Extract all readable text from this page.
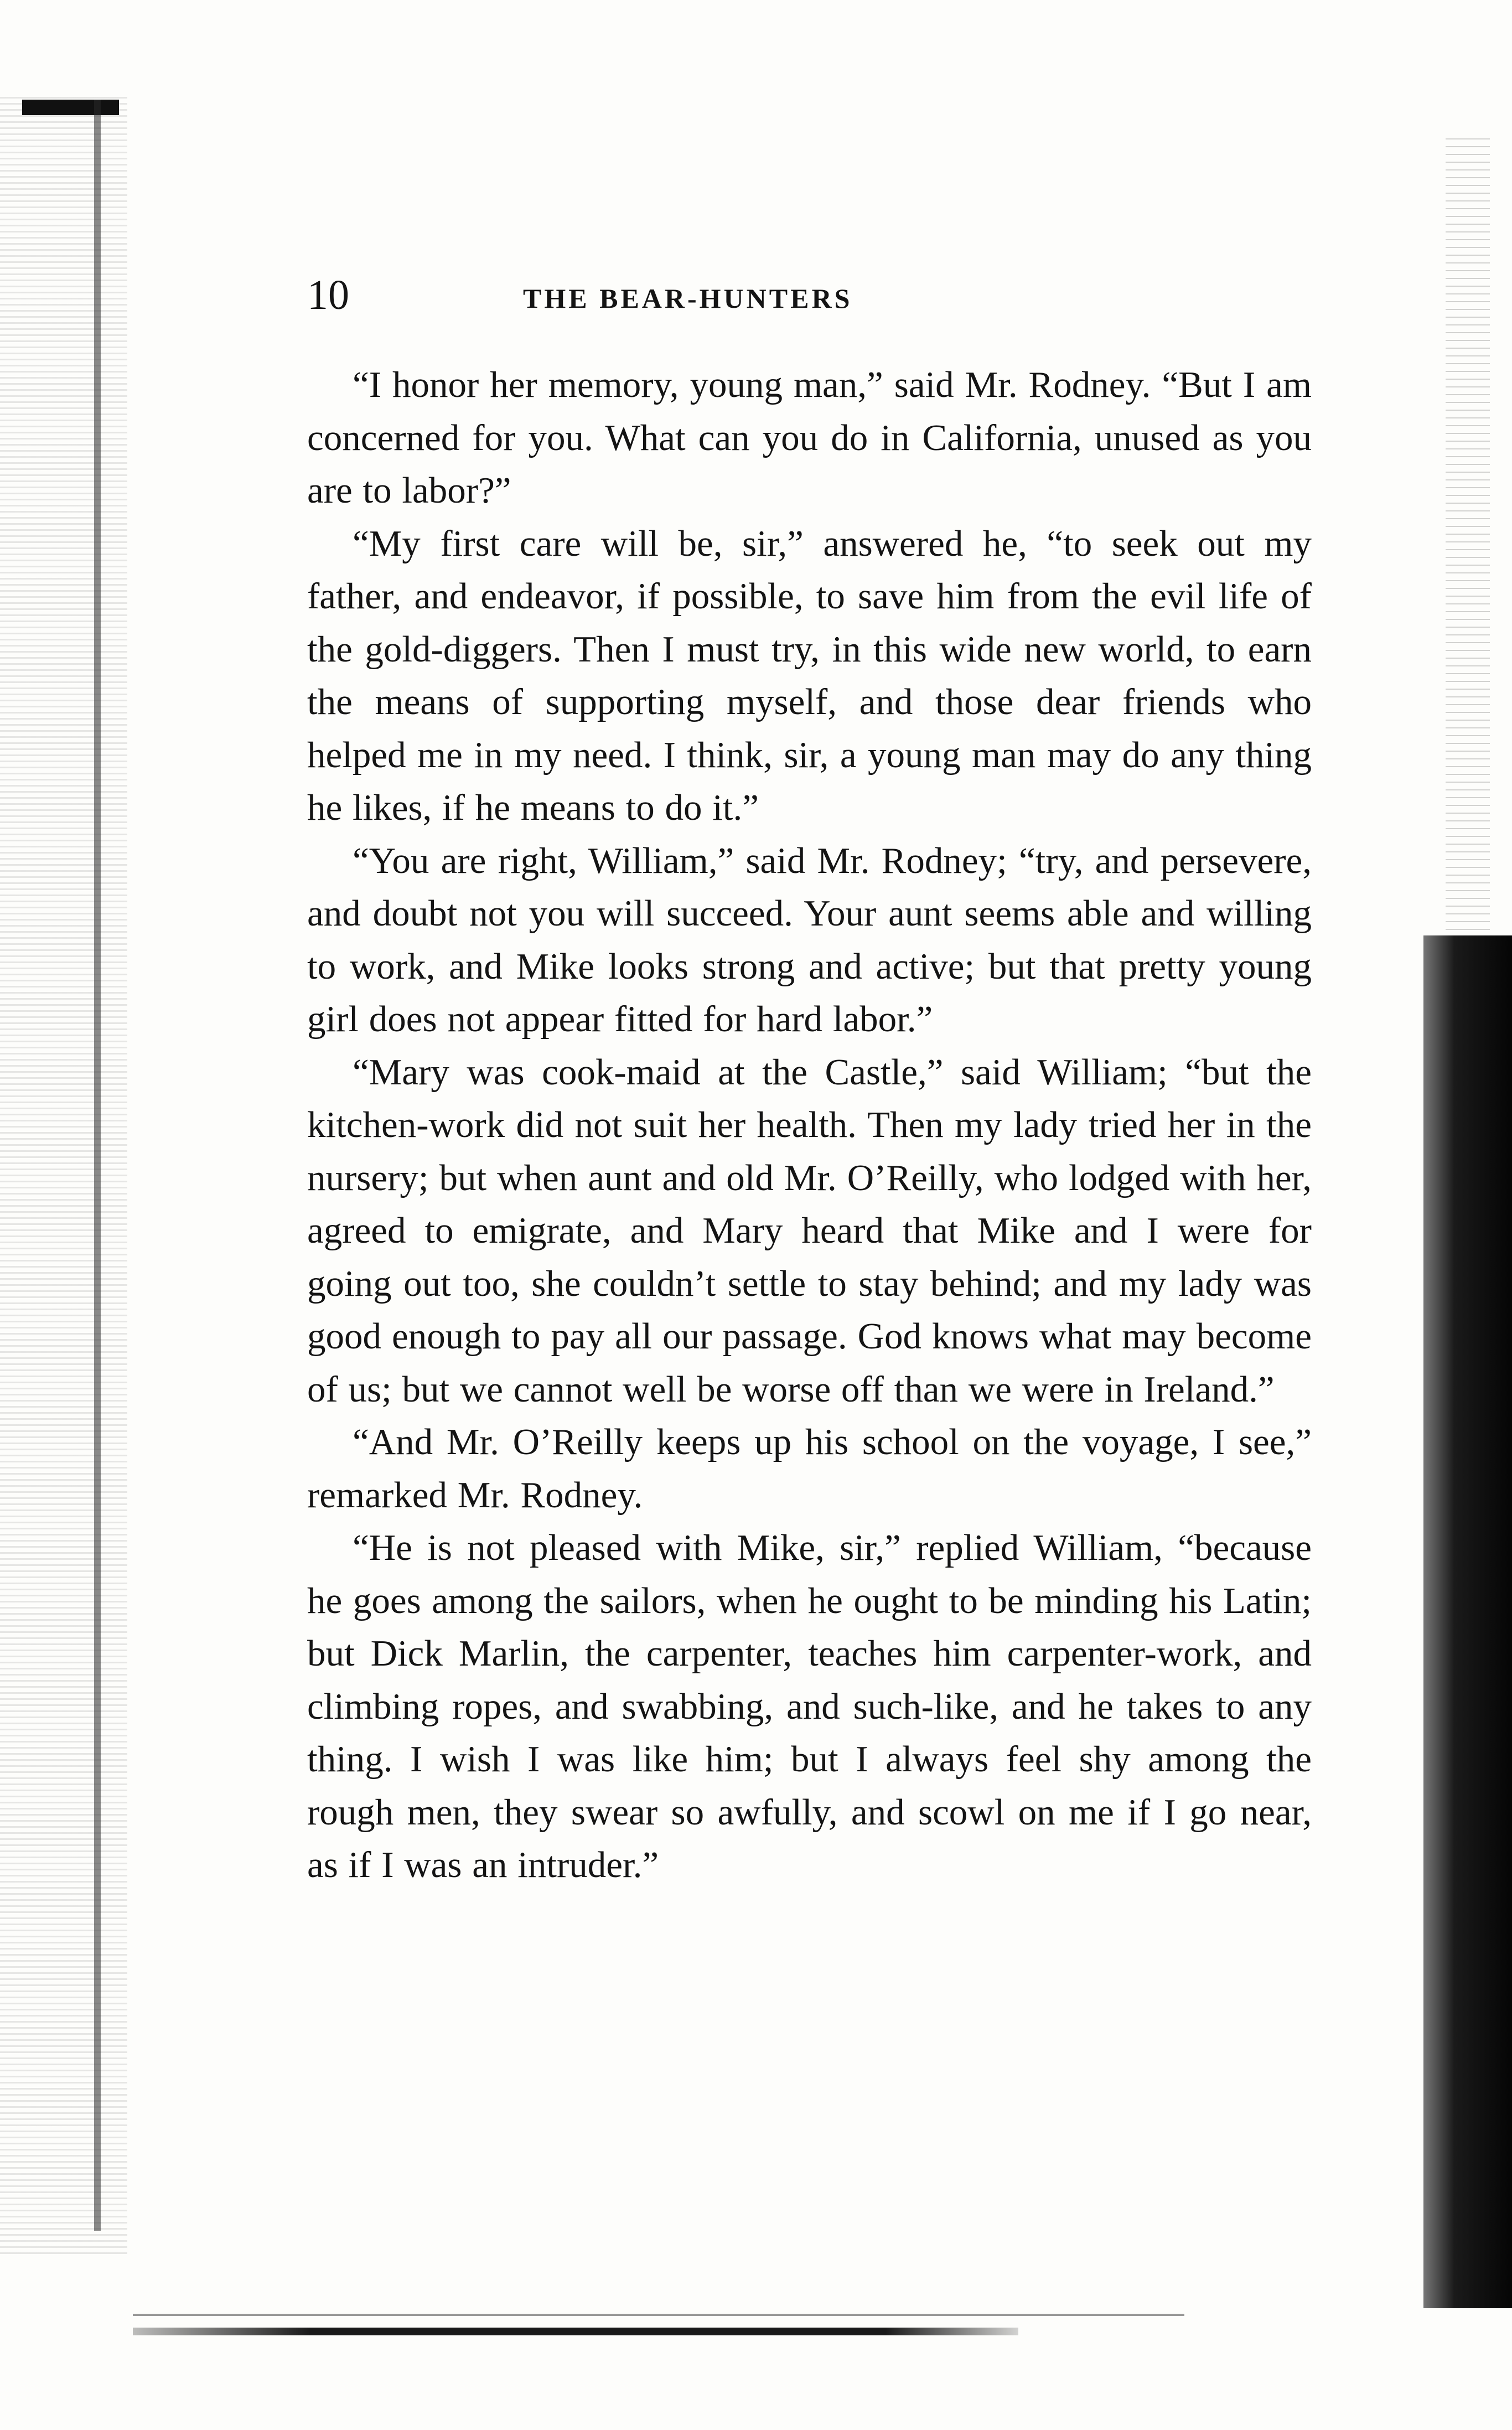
10	THE BEAR-HUNTERS

“I honor her memory, young man,” said Mr. Rodney. “But I am concerned for you. What can you do in California, unused as you are to labor?”

“My first care will be, sir,” answered he, “to seek out my father, and endeavor, if possible, to save him from the evil life of the gold-diggers. Then I must try, in this wide new world, to earn the means of supporting myself, and those dear friends who helped me in my need. I think, sir, a young man may do any thing he likes, if he means to do it.”

“You are right, William,” said Mr. Rodney; “try, and persevere, and doubt not you will succeed. Your aunt seems able and willing to work, and Mike looks strong and active; but that pretty young girl does not appear fitted for hard labor.”

“Mary was cook-maid at the Castle,” said William; “but the kitchen-work did not suit her health. Then my lady tried her in the nursery; but when aunt and old Mr. O’Reilly, who lodged with her, agreed to emigrate, and Mary heard that Mike and I were for going out too, she couldn’t settle to stay behind; and my lady was good enough to pay all our passage. God knows what may become of us; but we cannot well be worse off than we were in Ireland.”

“And Mr. O’Reilly keeps up his school on the voyage, I see,” remarked Mr. Rodney.

“He is not pleased with Mike, sir,” replied William, “because he goes among the sailors, when he ought to be minding his Latin; but Dick Marlin, the carpenter, teaches him carpenter-work, and climbing ropes, and swabbing, and such-like, and he takes to any thing. I wish I was like him; but I always feel shy among the rough men, they swear so awfully, and scowl on me if I go near, as if I was an intruder.”
